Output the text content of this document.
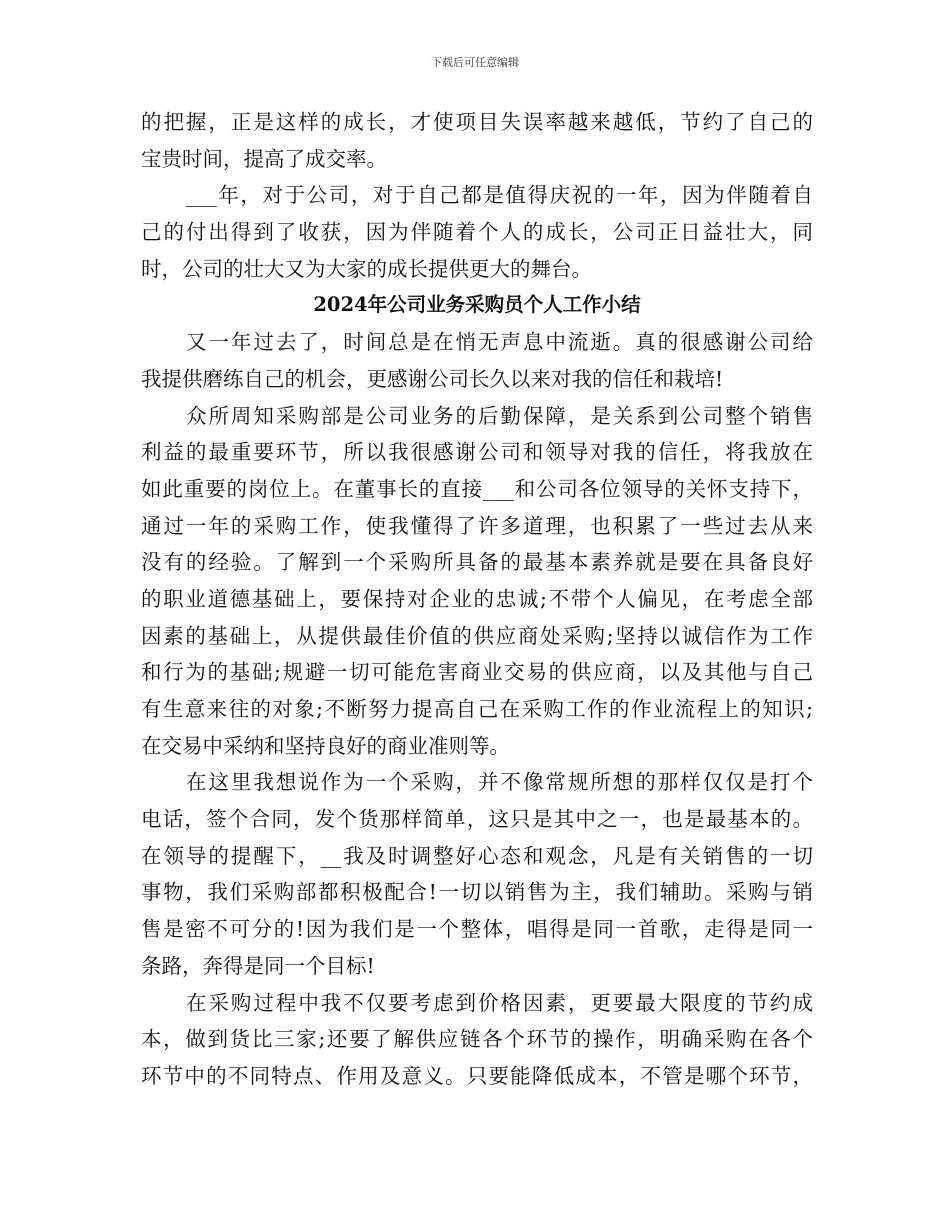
下载后可任意编辑
的把握，正是这样的成长，才使项目失误率越来越低，节约了自己的
宝贵时间，提高了成交率。
___年，对于公司，对于自己都是值得庆祝的一年，因为伴随着自
己的付出得到了收获，因为伴随着个人的成长，公司正日益壮大，同
时，公司的壮大又为大家的成长提供更大的舞台。
2024年公司业务采购员个人工作小结
又一年过去了，时间总是在悄无声息中流逝。真的很感谢公司给
我提供磨练自己的机会，更感谢公司长久以来对我的信任和栽培!
众所周知采购部是公司业务的后勤保障，是关系到公司整个销售
利益的最重要环节，所以我很感谢公司和领导对我的信任，将我放在
如此重要的岗位上。在董事长的直接___和公司各位领导的关怀支持下，
通过一年的采购工作，使我懂得了许多道理，也积累了一些过去从来
没有的经验。了解到一个采购所具备的最基本素养就是要在具备良好
的职业道德基础上，要保持对企业的忠诚;不带个人偏见，在考虑全部
因素的基础上，从提供最佳价值的供应商处采购;坚持以诚信作为工作
和行为的基础;规避一切可能危害商业交易的供应商，以及其他与自己
有生意来往的对象;不断努力提高自己在采购工作的作业流程上的知识;
在交易中采纳和坚持良好的商业准则等。
在这里我想说作为一个采购，并不像常规所想的那样仅仅是打个
电话，签个合同，发个货那样简单，这只是其中之一，也是最基本的。
在领导的提醒下，__我及时调整好心态和观念，凡是有关销售的一切
事物，我们采购部都积极配合!一切以销售为主，我们辅助。采购与销
售是密不可分的!因为我们是一个整体，唱得是同一首歌，走得是同一
条路，奔得是同一个目标!
在采购过程中我不仅要考虑到价格因素，更要最大限度的节约成
本，做到货比三家;还要了解供应链各个环节的操作，明确采购在各个
环节中的不同特点、作用及意义。只要能降低成本，不管是哪个环节，
